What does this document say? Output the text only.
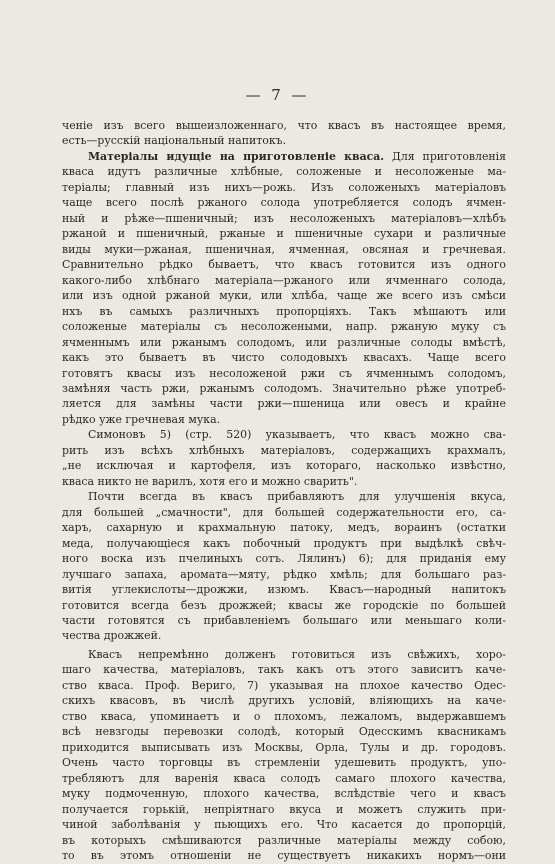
— 7 —
ченіе изъ всего вышеизложеннаго, что квасъ въ настоящее время,
есть—русскій національный напитокъ.
Матеріалы идущіе на приготовленіе кваса. Для приготовленія
кваса идутъ различные хлѣбные, соложеные и несоложеные ма-
теріалы; главный изъ нихъ—рожь. Изъ соложеныхъ матеріаловъ
чаще всего послѣ ржаного солода употребляется солодъ ячмен-
ный и рѣже—пшеничный; изъ несоложеныхъ матеріаловъ—хлѣбъ
ржаной и пшеничный, ржаные и пшеничные сухари и различные
виды муки—ржаная, пшеничная, ячменная, овсяная и гречневая.
Сравнительно рѣдко бываетъ, что квасъ готовится изъ одного
какого-либо хлѣбнаго матеріала—ржаного или ячменнаго солода,
или изъ одной ржаной муки, или хлѣба, чаще же всего изъ смѣси
нхъ въ самыхъ различныхъ пропорціяхъ. Такъ мѣшаютъ или
соложеные матеріалы съ несоложеными, напр. ржаную муку съ
ячменнымъ или ржанымъ солодомъ, или различные солоды вмѣстѣ,
какъ это бываетъ въ чисто солодовыхъ квасахъ. Чаще всего
готовятъ квасы изъ несоложеной ржи съ ячменнымъ солодомъ,
замѣняя часть ржи, ржанымъ солодомъ. Значительно рѣже употреб-
ляется для замѣны части ржи—пшеница или овесъ и крайне
рѣдко уже гречневая мука.
Симоновъ 5) (стр. 520) указываетъ, что квасъ можно сва-
рить изъ всѣхъ хлѣбныхъ матеріаловъ, содержащихъ крахмалъ,
„не исключая и картофеля, изъ котораго, насколько извѣстно,
кваса никто не варилъ, хотя его и можно сварить".
Почти всегда въ квасъ прибавляютъ для улучшенія вкуса,
для большей „смачности", для большей содержательности его, са-
харъ, сахарную и крахмальную патоку, медъ, вораинъ (остатки
меда, получающіеся какъ побочный продуктъ при выдѣлкѣ свѣч-
ного воска изъ пчелиныхъ сотъ. Лялинъ) 6); для приданія ему
лучшаго запаха, аромата—мяту, рѣдко хмѣль; для большаго раз-
витія углекислоты—дрожжи, изюмъ. Квасъ—народный напитокъ
готовится всегда безъ дрожжей; квасы же городскіе по большей
части готовятся съ прибавленіемъ большаго или меньшаго коли-
чества дрожжей.
Квасъ непремѣнно долженъ готовиться изъ свѣжихъ, хоро-
шаго качества, матеріаловъ, такъ какъ отъ этого зависитъ каче-
ство кваса. Проф. Вериго, 7) указывая на плохое качество Одес-
скихъ квасовъ, въ числѣ другихъ условій, вліяющихъ на каче-
ство кваса, упоминаетъ и о плохомъ, лежаломъ, выдержавшемъ
всѣ невзгоды перевозки солодѣ, который Одесскимъ квасникамъ
приходится выписывать изъ Москвы, Орла, Тулы и др. городовъ.
Очень часто торговцы въ стремленіи удешевить продуктъ, упо-
требляютъ для варенія кваса солодъ самаго плохого качества,
муку подмоченную, плохого качества, вслѣдствіе чего и квасъ
получается горькій, непріятнаго вкуса и можетъ служить при-
чиной заболѣванія у пьющихъ его. Что касается до пропорцій,
въ которыхъ смѣшиваются различные матеріалы между собою,
то въ этомъ отношеніи не существуетъ никакихъ нормъ—они
